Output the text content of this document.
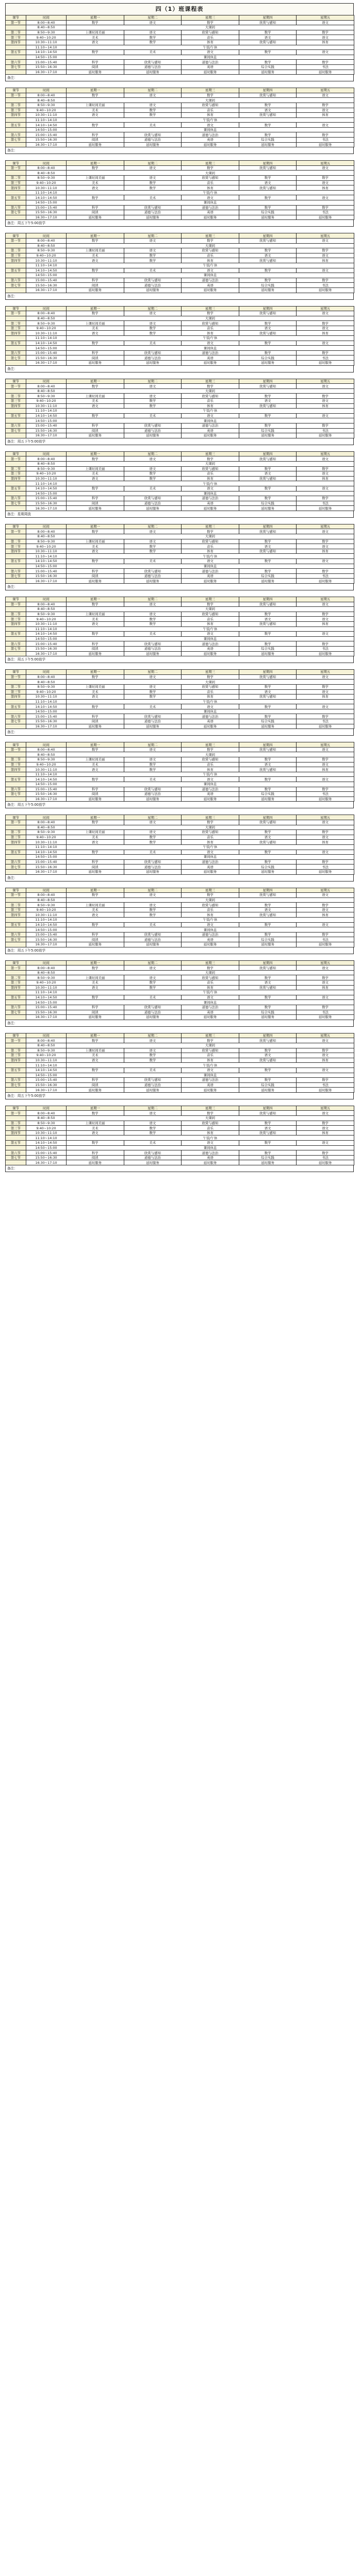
四（1）班课程表
课节	时间	星期一	星期二	星期三	星期四	星期五
第一节	8:00~8:40	数学	语文	数学	欣赏与感知	语文
	8:40~8:50	大课间				
第二节	8:50~9:30	上课时间美丽	语文	欣赏与感知	数学	数学
第三节	9:40~10:20	美术	数学	音乐	语文	语文
第四节	10:30~11:10	语文	数学	体育	欣赏与感知	体育
	11:10~14:10	午饭/午休				
第五节	14:10~14:50	数学	美术	语文	数学	语文
	14:50~15:00	课间休息				
第六节	15:00~15:40	科学	欣赏与感知	道德与法治	数学	数学
第七节	15:50~16:30	阅读	道德与法治	英语	综合实践	书法
	16:30~17:10	延时服务	延时服务	延时服务	延时服务	延时服务
备注：
课节	时间	星期一	星期二	星期三	星期四	星期五
第一节	8:00~8:40	数学	语文	数学	欣赏与感知	语文
	8:40~8:50	大课间				
第二节	8:50~9:30	上课时间美丽	语文	欣赏与感知	数学	数学
第三节	9:40~10:20	美术	数学	音乐	语文	语文
第四节	10:30~11:10	语文	数学	体育	欣赏与感知	体育
	11:10~14:10	午饭/午休				
第五节	14:10~14:50	数学	美术	语文	数学	语文
	14:50~15:00	课间休息				
第六节	15:00~15:40	科学	欣赏与感知	道德与法治	数学	数学
第七节	15:50~16:30	阅读	道德与法治	英语	综合实践	书法
	16:30~17:10	延时服务	延时服务	延时服务	延时服务	延时服务
备注：
课节	时间	星期一	星期二	星期三	星期四	星期五
第一节	8:00~8:40	数学	语文	数学	欣赏与感知	语文
	8:40~8:50	大课间				
第二节	8:50~9:30	上课时间美丽	语文	欣赏与感知	数学	数学
第三节	9:40~10:20	美术	数学	音乐	语文	语文
第四节	10:30~11:10	语文	数学	体育	欣赏与感知	体育
	11:10~14:10	午饭/午休				
第五节	14:10~14:50	数学	美术	语文	数学	语文
	14:50~15:00	课间休息				
第六节	15:00~15:40	科学	欣赏与感知	道德与法治	数学	数学
第七节	15:50~16:30	阅读	道德与法治	英语	综合实践	书法
	16:30~17:10	延时服务	延时服务	延时服务	延时服务	延时服务
备注：周五下午5:00放学
课节	时间	星期一	星期二	星期三	星期四	星期五
第一节	8:00~8:40	数学	语文	数学	欣赏与感知	语文
	8:40~8:50	大课间				
第二节	8:50~9:30	上课时间美丽	语文	欣赏与感知	数学	数学
第三节	9:40~10:20	美术	数学	音乐	语文	语文
第四节	10:30~11:10	语文	数学	体育	欣赏与感知	体育
	11:10~14:10	午饭/午休				
第五节	14:10~14:50	数学	美术	语文	数学	语文
	14:50~15:00	课间休息				
第六节	15:00~15:40	科学	欣赏与感知	道德与法治	数学	数学
第七节	15:50~16:30	阅读	道德与法治	英语	综合实践	书法
	16:30~17:10	延时服务	延时服务	延时服务	延时服务	延时服务
备注：
课节	时间	星期一	星期二	星期三	星期四	星期五
第一节	8:00~8:40	数学	语文	数学	欣赏与感知	语文
	8:40~8:50	大课间				
第二节	8:50~9:30	上课时间美丽	语文	欣赏与感知	数学	数学
第三节	9:40~10:20	美术	数学	音乐	语文	语文
第四节	10:30~11:10	语文	数学	体育	欣赏与感知	体育
	11:10~14:10	午饭/午休				
第五节	14:10~14:50	数学	美术	语文	数学	语文
	14:50~15:00	课间休息				
第六节	15:00~15:40	科学	欣赏与感知	道德与法治	数学	数学
第七节	15:50~16:30	阅读	道德与法治	英语	综合实践	书法
	16:30~17:10	延时服务	延时服务	延时服务	延时服务	延时服务
备注：
课节	时间	星期一	星期二	星期三	星期四	星期五
第一节	8:00~8:40	数学	语文	数学	欣赏与感知	语文
	8:40~8:50	大课间				
第二节	8:50~9:30	上课时间美丽	语文	欣赏与感知	数学	数学
第三节	9:40~10:20	美术	数学	音乐	语文	语文
第四节	10:30~11:10	语文	数学	体育	欣赏与感知	体育
	11:10~14:10	午饭/午休				
第五节	14:10~14:50	数学	美术	语文	数学	语文
	14:50~15:00	课间休息				
第六节	15:00~15:40	科学	欣赏与感知	道德与法治	数学	数学
第七节	15:50~16:30	阅读	道德与法治	英语	综合实践	书法
	16:30~17:10	延时服务	延时服务	延时服务	延时服务	延时服务
备注：周五下午5:00放学
课节	时间	星期一	星期二	星期三	星期四	星期五
第一节	8:00~8:40	数学	语文	数学	欣赏与感知	语文
	8:40~8:50	大课间				
第二节	8:50~9:30	上课时间美丽	语文	欣赏与感知	数学	数学
第三节	9:40~10:20	美术	数学	音乐	语文	语文
第四节	10:30~11:10	语文	数学	体育	欣赏与感知	体育
	11:10~14:10	午饭/午休				
第五节	14:10~14:50	数学	美术	语文	数学	语文
	14:50~15:00	课间休息				
第六节	15:00~15:40	科学	欣赏与感知	道德与法治	数学	数学
第七节	15:50~16:30	阅读	道德与法治	英语	综合实践	书法
	16:30~17:10	延时服务	延时服务	延时服务	延时服务	延时服务
备注：星期周放
课节	时间	星期一	星期二	星期三	星期四	星期五
第一节	8:00~8:40	数学	语文	数学	欣赏与感知	语文
	8:40~8:50	大课间				
第二节	8:50~9:30	上课时间美丽	语文	欣赏与感知	数学	数学
第三节	9:40~10:20	美术	数学	音乐	语文	语文
第四节	10:30~11:10	语文	数学	体育	欣赏与感知	体育
	11:10~14:10	午饭/午休				
第五节	14:10~14:50	数学	美术	语文	数学	语文
	14:50~15:00	课间休息				
第六节	15:00~15:40	科学	欣赏与感知	道德与法治	数学	数学
第七节	15:50~16:30	阅读	道德与法治	英语	综合实践	书法
	16:30~17:10	延时服务	延时服务	延时服务	延时服务	延时服务
备注：
课节	时间	星期一	星期二	星期三	星期四	星期五
第一节	8:00~8:40	数学	语文	数学	欣赏与感知	语文
	8:40~8:50	大课间				
第二节	8:50~9:30	上课时间美丽	语文	欣赏与感知	数学	数学
第三节	9:40~10:20	美术	数学	音乐	语文	语文
第四节	10:30~11:10	语文	数学	体育	欣赏与感知	体育
	11:10~14:10	午饭/午休				
第五节	14:10~14:50	数学	美术	语文	数学	语文
	14:50~15:00	课间休息				
第六节	15:00~15:40	科学	欣赏与感知	道德与法治	数学	数学
第七节	15:50~16:30	阅读	道德与法治	英语	综合实践	书法
	16:30~17:10	延时服务	延时服务	延时服务	延时服务	延时服务
备注：周五下午5:00放学
课节	时间	星期一	星期二	星期三	星期四	星期五
第一节	8:00~8:40	数学	语文	数学	欣赏与感知	语文
	8:40~8:50	大课间				
第二节	8:50~9:30	上课时间美丽	语文	欣赏与感知	数学	数学
第三节	9:40~10:20	美术	数学	音乐	语文	语文
第四节	10:30~11:10	语文	数学	体育	欣赏与感知	体育
	11:10~14:10	午饭/午休				
第五节	14:10~14:50	数学	美术	语文	数学	语文
	14:50~15:00	课间休息				
第六节	15:00~15:40	科学	欣赏与感知	道德与法治	数学	数学
第七节	15:50~16:30	阅读	道德与法治	英语	综合实践	书法
	16:30~17:10	延时服务	延时服务	延时服务	延时服务	延时服务
备注：
课节	时间	星期一	星期二	星期三	星期四	星期五
第一节	8:00~8:40	数学	语文	数学	欣赏与感知	语文
	8:40~8:50	大课间				
第二节	8:50~9:30	上课时间美丽	语文	欣赏与感知	数学	数学
第三节	9:40~10:20	美术	数学	音乐	语文	语文
第四节	10:30~11:10	语文	数学	体育	欣赏与感知	体育
	11:10~14:10	午饭/午休				
第五节	14:10~14:50	数学	美术	语文	数学	语文
	14:50~15:00	课间休息				
第六节	15:00~15:40	科学	欣赏与感知	道德与法治	数学	数学
第七节	15:50~16:30	阅读	道德与法治	英语	综合实践	书法
	16:30~17:10	延时服务	延时服务	延时服务	延时服务	延时服务
备注：周五下午5:00放学
课节	时间	星期一	星期二	星期三	星期四	星期五
第一节	8:00~8:40	数学	语文	数学	欣赏与感知	语文
	8:40~8:50	大课间				
第二节	8:50~9:30	上课时间美丽	语文	欣赏与感知	数学	数学
第三节	9:40~10:20	美术	数学	音乐	语文	语文
第四节	10:30~11:10	语文	数学	体育	欣赏与感知	体育
	11:10~14:10	午饭/午休				
第五节	14:10~14:50	数学	美术	语文	数学	语文
	14:50~15:00	课间休息				
第六节	15:00~15:40	科学	欣赏与感知	道德与法治	数学	数学
第七节	15:50~16:30	阅读	道德与法治	英语	综合实践	书法
	16:30~17:10	延时服务	延时服务	延时服务	延时服务	延时服务
备注：
课节	时间	星期一	星期二	星期三	星期四	星期五
第一节	8:00~8:40	数学	语文	数学	欣赏与感知	语文
	8:40~8:50	大课间				
第二节	8:50~9:30	上课时间美丽	语文	欣赏与感知	数学	数学
第三节	9:40~10:20	美术	数学	音乐	语文	语文
第四节	10:30~11:10	语文	数学	体育	欣赏与感知	体育
	11:10~14:10	午饭/午休				
第五节	14:10~14:50	数学	美术	语文	数学	语文
	14:50~15:00	课间休息				
第六节	15:00~15:40	科学	欣赏与感知	道德与法治	数学	数学
第七节	15:50~16:30	阅读	道德与法治	英语	综合实践	书法
	16:30~17:10	延时服务	延时服务	延时服务	延时服务	延时服务
备注：周五下午5:00放学
课节	时间	星期一	星期二	星期三	星期四	星期五
第一节	8:00~8:40	数学	语文	数学	欣赏与感知	语文
	8:40~8:50	大课间				
第二节	8:50~9:30	上课时间美丽	语文	欣赏与感知	数学	数学
第三节	9:40~10:20	美术	数学	音乐	语文	语文
第四节	10:30~11:10	语文	数学	体育	欣赏与感知	体育
	11:10~14:10	午饭/午休				
第五节	14:10~14:50	数学	美术	语文	数学	语文
	14:50~15:00	课间休息				
第六节	15:00~15:40	科学	欣赏与感知	道德与法治	数学	数学
第七节	15:50~16:30	阅读	道德与法治	英语	综合实践	书法
	16:30~17:10	延时服务	延时服务	延时服务	延时服务	延时服务
备注：
课节	时间	星期一	星期二	星期三	星期四	星期五
第一节	8:00~8:40	数学	语文	数学	欣赏与感知	语文
	8:40~8:50	大课间				
第二节	8:50~9:30	上课时间美丽	语文	欣赏与感知	数学	数学
第三节	9:40~10:20	美术	数学	音乐	语文	语文
第四节	10:30~11:10	语文	数学	体育	欣赏与感知	体育
	11:10~14:10	午饭/午休				
第五节	14:10~14:50	数学	美术	语文	数学	语文
	14:50~15:00	课间休息				
第六节	15:00~15:40	科学	欣赏与感知	道德与法治	数学	数学
第七节	15:50~16:30	阅读	道德与法治	英语	综合实践	书法
	16:30~17:10	延时服务	延时服务	延时服务	延时服务	延时服务
备注：周五下午5:00放学
课节	时间	星期一	星期二	星期三	星期四	星期五
第一节	8:00~8:40	数学	语文	数学	欣赏与感知	语文
	8:40~8:50	大课间				
第二节	8:50~9:30	上课时间美丽	语文	欣赏与感知	数学	数学
第三节	9:40~10:20	美术	数学	音乐	语文	语文
第四节	10:30~11:10	语文	数学	体育	欣赏与感知	体育
	11:10~14:10	午饭/午休				
第五节	14:10~14:50	数学	美术	语文	数学	语文
	14:50~15:00	课间休息				
第六节	15:00~15:40	科学	欣赏与感知	道德与法治	数学	数学
第七节	15:50~16:30	阅读	道德与法治	英语	综合实践	书法
	16:30~17:10	延时服务	延时服务	延时服务	延时服务	延时服务
备注：
